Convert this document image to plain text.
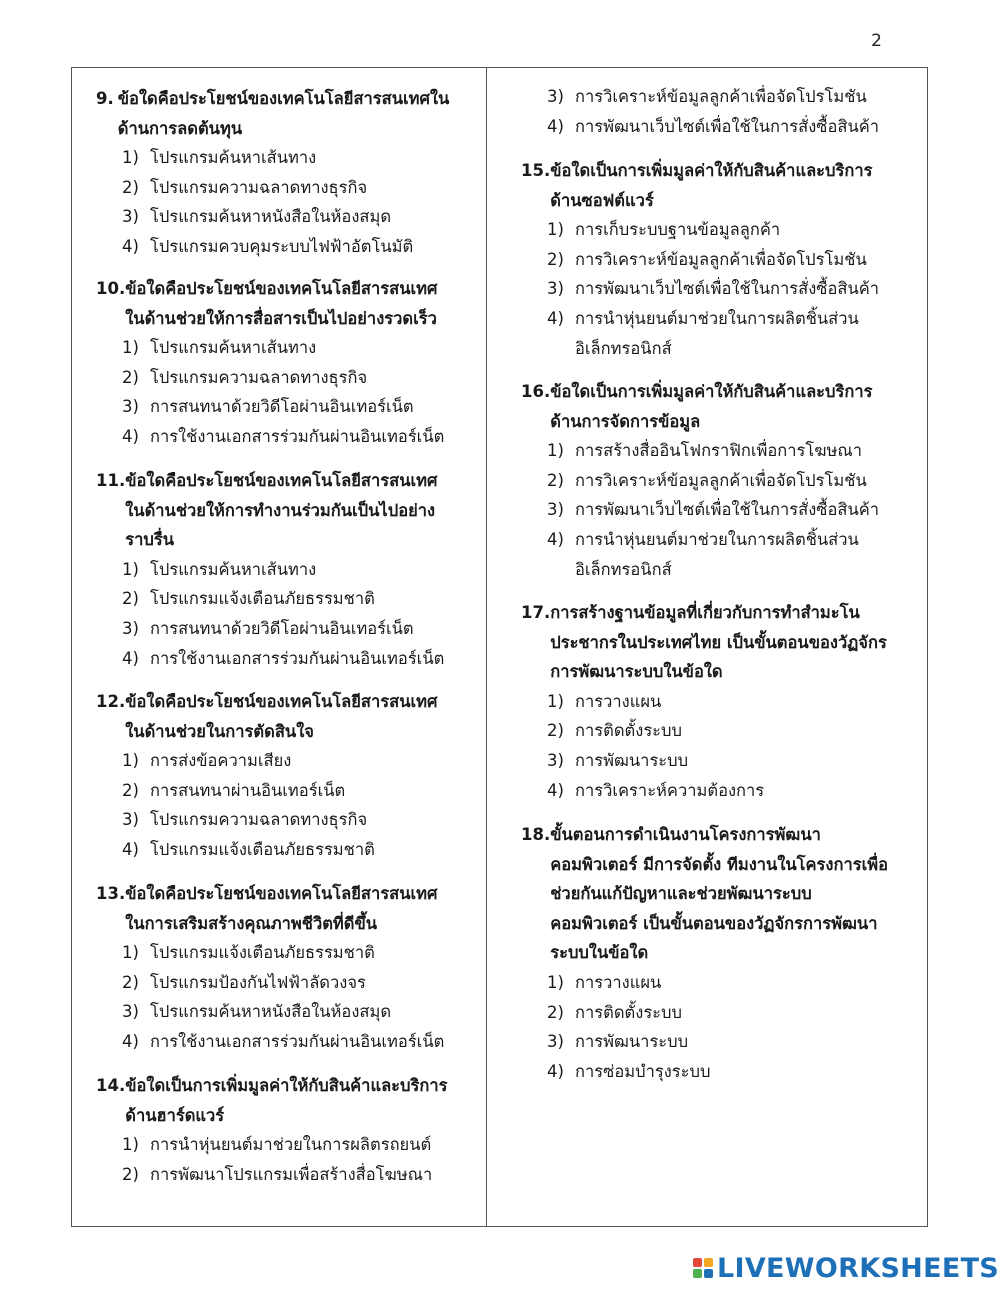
2
9. ข้อใดคือประโยชน์ของเทคโนโลยีสารสนเทศในด้านการลดต้นทุน
1) โปรแกรมค้นหาเส้นทาง
2) โปรแกรมความฉลาดทางธุรกิจ
3) โปรแกรมค้นหาหนังสือในห้องสมุด
4) โปรแกรมควบคุมระบบไฟฟ้าอัตโนมัติ
10. ข้อใดคือประโยชน์ของเทคโนโลยีสารสนเทศในด้านช่วยให้การสื่อสารเป็นไปอย่างรวดเร็ว
1) โปรแกรมค้นหาเส้นทาง
2) โปรแกรมความฉลาดทางธุรกิจ
3) การสนทนาด้วยวิดีโอผ่านอินเทอร์เน็ต
4) การใช้งานเอกสารร่วมกันผ่านอินเทอร์เน็ต
11. ข้อใดคือประโยชน์ของเทคโนโลยีสารสนเทศในด้านช่วยให้การทำงานร่วมกันเป็นไปอย่างราบรื่น
1) โปรแกรมค้นหาเส้นทาง
2) โปรแกรมแจ้งเตือนภัยธรรมชาติ
3) การสนทนาด้วยวิดีโอผ่านอินเทอร์เน็ต
4) การใช้งานเอกสารร่วมกันผ่านอินเทอร์เน็ต
12. ข้อใดคือประโยชน์ของเทคโนโลยีสารสนเทศในด้านช่วยในการตัดสินใจ
1) การส่งข้อความเสียง
2) การสนทนาผ่านอินเทอร์เน็ต
3) โปรแกรมความฉลาดทางธุรกิจ
4) โปรแกรมแจ้งเตือนภัยธรรมชาติ
13. ข้อใดคือประโยชน์ของเทคโนโลยีสารสนเทศในการเสริมสร้างคุณภาพชีวิตที่ดีขึ้น
1) โปรแกรมแจ้งเตือนภัยธรรมชาติ
2) โปรแกรมป้องกันไฟฟ้าลัดวงจร
3) โปรแกรมค้นหาหนังสือในห้องสมุด
4) การใช้งานเอกสารร่วมกันผ่านอินเทอร์เน็ต
14. ข้อใดเป็นการเพิ่มมูลค่าให้กับสินค้าและบริการด้านฮาร์ดแวร์
1) การนำหุ่นยนต์มาช่วยในการผลิตรถยนต์
2) การพัฒนาโปรแกรมเพื่อสร้างสื่อโฆษณา
3) การวิเคราะห์ข้อมูลลูกค้าเพื่อจัดโปรโมชัน
4) การพัฒนาเว็บไซต์เพื่อใช้ในการสั่งซื้อสินค้า
15. ข้อใดเป็นการเพิ่มมูลค่าให้กับสินค้าและบริการด้านซอฟต์แวร์
1) การเก็บระบบฐานข้อมูลลูกค้า
2) การวิเคราะห์ข้อมูลลูกค้าเพื่อจัดโปรโมชัน
3) การพัฒนาเว็บไซต์เพื่อใช้ในการสั่งซื้อสินค้า
4) การนำหุ่นยนต์มาช่วยในการผลิตชิ้นส่วนอิเล็กทรอนิกส์
16. ข้อใดเป็นการเพิ่มมูลค่าให้กับสินค้าและบริการด้านการจัดการข้อมูล
1) การสร้างสื่ออินโฟกราฟิกเพื่อการโฆษณา
2) การวิเคราะห์ข้อมูลลูกค้าเพื่อจัดโปรโมชัน
3) การพัฒนาเว็บไซต์เพื่อใช้ในการสั่งซื้อสินค้า
4) การนำหุ่นยนต์มาช่วยในการผลิตชิ้นส่วนอิเล็กทรอนิกส์
17. การสร้างฐานข้อมูลที่เกี่ยวกับการทำสำมะโนประชากรในประเทศไทย เป็นขั้นตอนของวัฏจักรการพัฒนาระบบในข้อใด
1) การวางแผน
2) การติดตั้งระบบ
3) การพัฒนาระบบ
4) การวิเคราะห์ความต้องการ
18. ขั้นตอนการดำเนินงานโครงการพัฒนาคอมพิวเตอร์ มีการจัดตั้ง ทีมงานในโครงการเพื่อช่วยกันแก้ปัญหาและช่วยพัฒนาระบบคอมพิวเตอร์ เป็นขั้นตอนของวัฏจักรการพัฒนาระบบในข้อใด
1) การวางแผน
2) การติดตั้งระบบ
3) การพัฒนาระบบ
4) การซ่อมบำรุงระบบ
LIVEWORKSHEETS
